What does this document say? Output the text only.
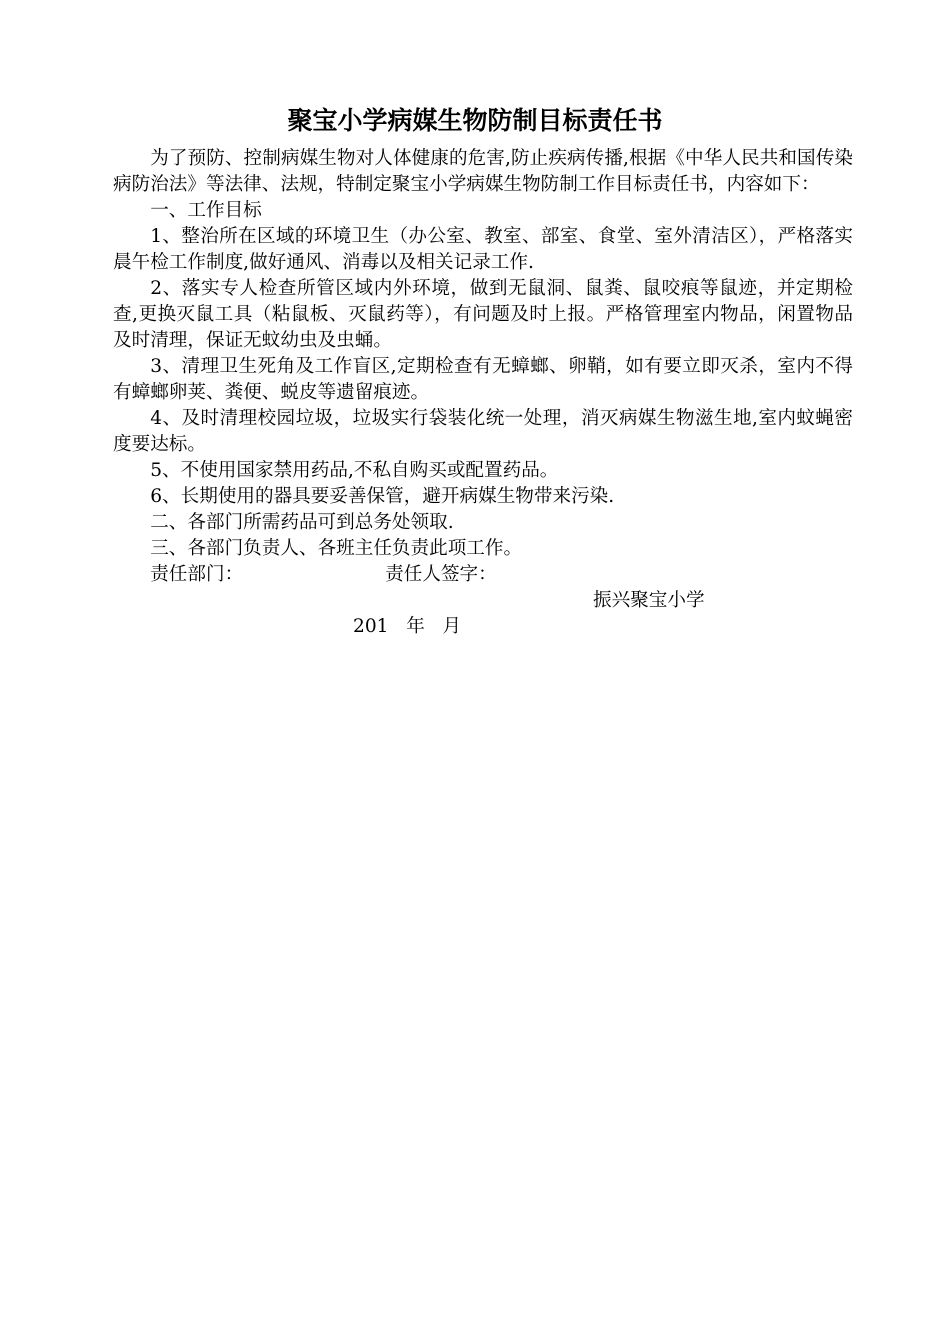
聚宝小学病媒生物防制目标责任书

为了预防、控制病媒生物对人体健康的危害,防止疾病传播,根据《中华人民共和国传染病防治法》等法律、法规，特制定聚宝小学病媒生物防制工作目标责任书，内容如下：

一、工作目标

1、整治所在区域的环境卫生（办公室、教室、部室、食堂、室外清洁区），严格落实晨午检工作制度,做好通风、消毒以及相关记录工作.

2、落实专人检查所管区域内外环境，做到无鼠洞、鼠粪、鼠咬痕等鼠迹，并定期检查,更换灭鼠工具（粘鼠板、灭鼠药等），有问题及时上报。严格管理室内物品，闲置物品及时清理，保证无蚊幼虫及虫蛹。

3、清理卫生死角及工作盲区,定期检查有无蟑螂、卵鞘，如有要立即灭杀，室内不得有蟑螂卵荚、粪便、蜕皮等遗留痕迹。

4、及时清理校园垃圾，垃圾实行袋装化统一处理，消灭病媒生物滋生地,室内蚊蝇密度要达标。

5、不使用国家禁用药品,不私自购买或配置药品。

6、长期使用的器具要妥善保管，避开病媒生物带来污染.

二、各部门所需药品可到总务处领取.

三、各部门负责人、各班主任负责此项工作。

责任部门：	责任人签字：

振兴聚宝小学

201   年   月
